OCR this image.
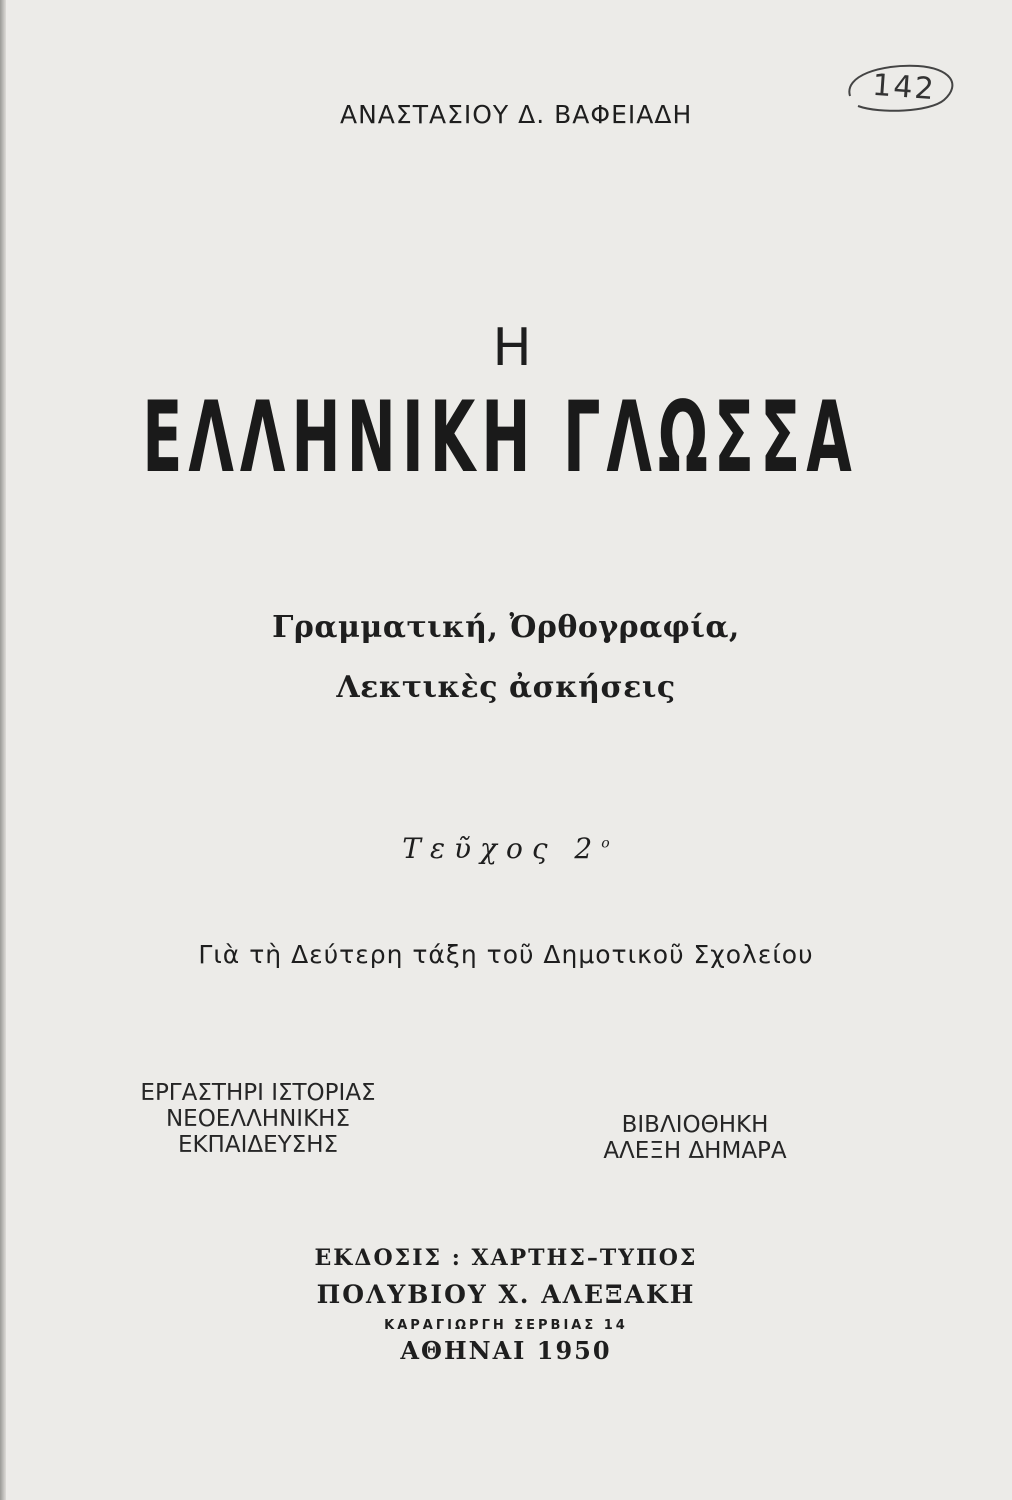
142
ΑΝΑΣΤΑΣΙΟΥ Δ. ΒΑΦΕΙΑΔΗ
Η
ΕΛΛΗΝΙΚΗ ΓΛΩΣΣΑ
Γραμματική, Ὀρθογραφία,
Λεκτικὲς ἀσκήσεις
Τεῦχος $2^o$
Γιὰ τὴ Δεύτερη τάξη τοῦ Δημοτικοῦ Σχολείου
ΕΡΓΑΣΤΗΡΙ ΙΣΤΟΡΙΑΣ
ΝΕΟΕΛΛΗΝΙΚΗΣ
ΕΚΠΑΙΔΕΥΣΗΣ
ΒΙΒΛΙΟΘΗΚΗ
ΑΛΕΞΗ ΔΗΜΑΡΑ
ΕΚΔΟΣΙΣ : ΧΑΡΤΗΣ–ΤΥΠΟΣ
ΠΟΛΥΒΙΟΥ Χ. ΑΛΕΞΑΚΗ
ΚΑΡΑΓΙΩΡΓΗ ΣΕΡΒΙΑΣ 14
ΑΘΗΝΑΙ 1950
